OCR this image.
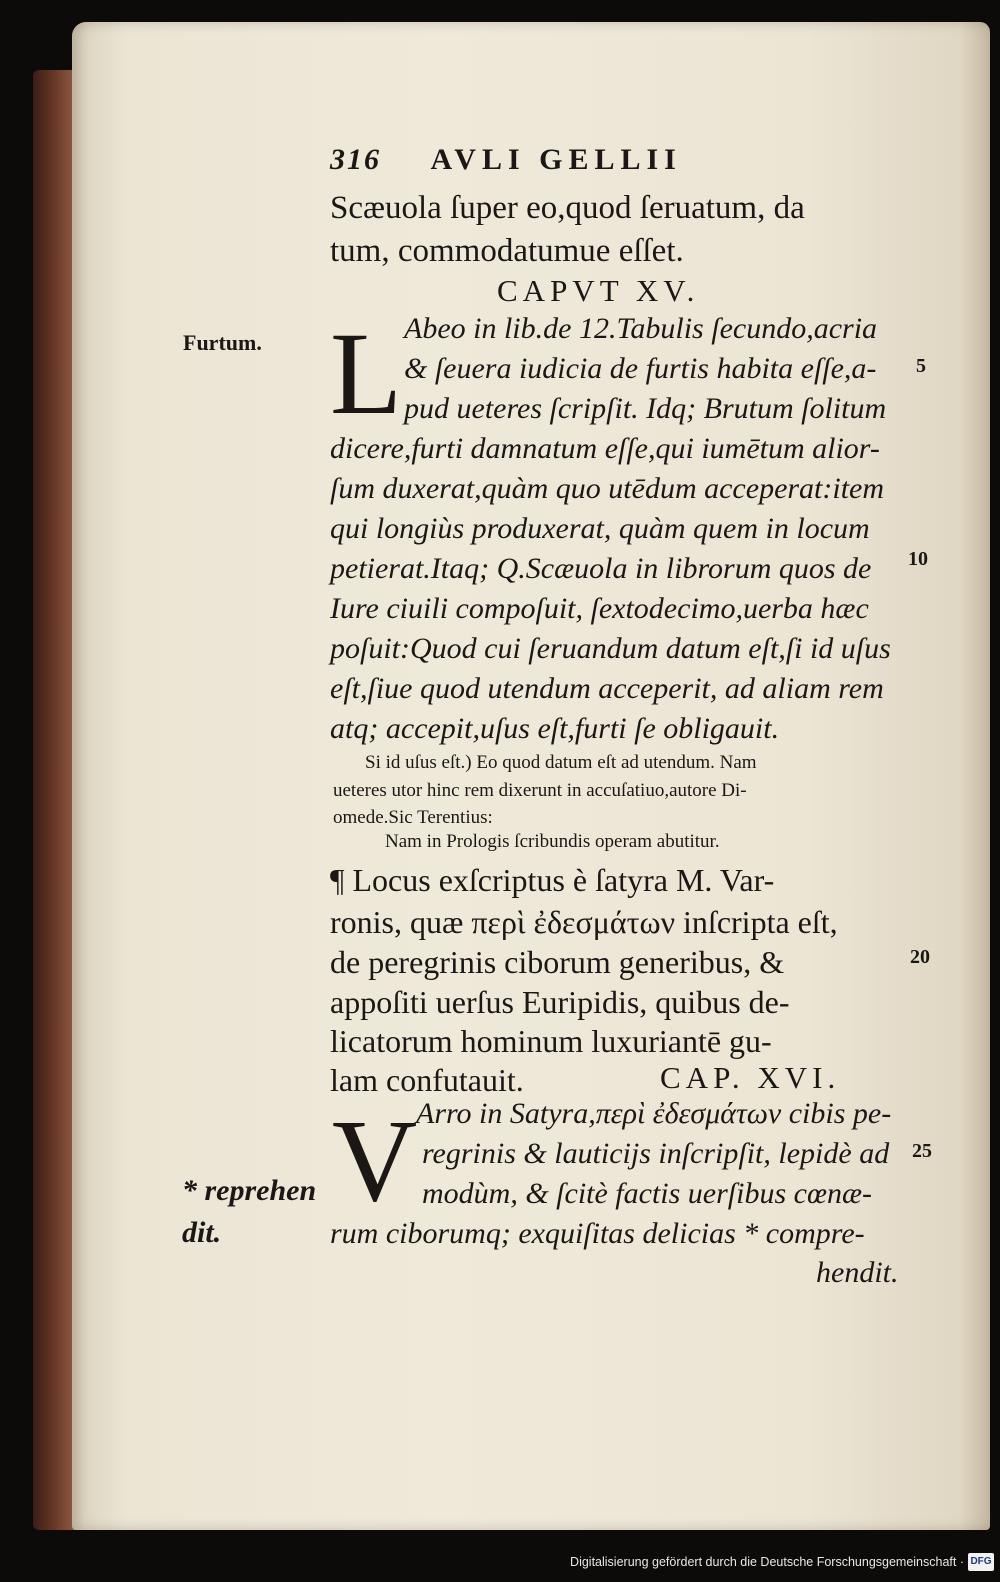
316 AVLI GELLII
Scæuola ſuper eo,quod ſeruatum, da
tum, commodatumue eſſet.
CAPVT XV.
Furtum. L Abeo in lib.de 12.Tabulis ſecundo,acria
& ſeuera iudicia de furtis habita eſſe,a-
pud ueteres ſcripſit. Idq; Brutum ſolitum
dicere,furti damnatum eſſe,qui iumētum alior-
ſum duxerat,quàm quo utēdum acceperat:item
qui longiùs produxerat, quàm quem in locum
petierat.Itaq; Q.Scæuola in librorum quos de
Iure ciuili compoſuit, ſextodecimo,uerba hæc
poſuit:Quod cui ſeruandum datum eſt,ſi id uſus
eſt,ſiue quod utendum acceperit, ad aliam rem
atq; accepit,uſus eſt,furti ſe obligauit.
5
10
Si id uſus eſt.) Eo quod datum eſt ad utendum. Nam
ueteres utor hinc rem dixerunt in accuſatiuo,autore Di-
omede.Sic Terentius:
Nam in Prologis ſcribundis operam abutitur.
¶ Locus exſcriptus è ſatyra M. Var-
ronis, quæ περὶ ἐδεσμάτων inſcripta eſt,
de peregrinis ciborum generibus, &
appoſiti uerſus Euripidis, quibus de-
licatorum hominum luxuriantē gu-
lam confutauit.	CAP. XVI.
20
V
Arro in Satyra,περὶ ἐδεσμάτων cibis pe-
regrinis & lauticijs inſcripſit, lepidè ad
modùm, & ſcitè factis uerſibus cœnæ-
rum ciborumq; exquiſitas delicias * compre-
hendit.
25
* reprehen
dit.
Digitalisierung gefördert durch die Deutsche Forschungsgemeinschaft · DFG
